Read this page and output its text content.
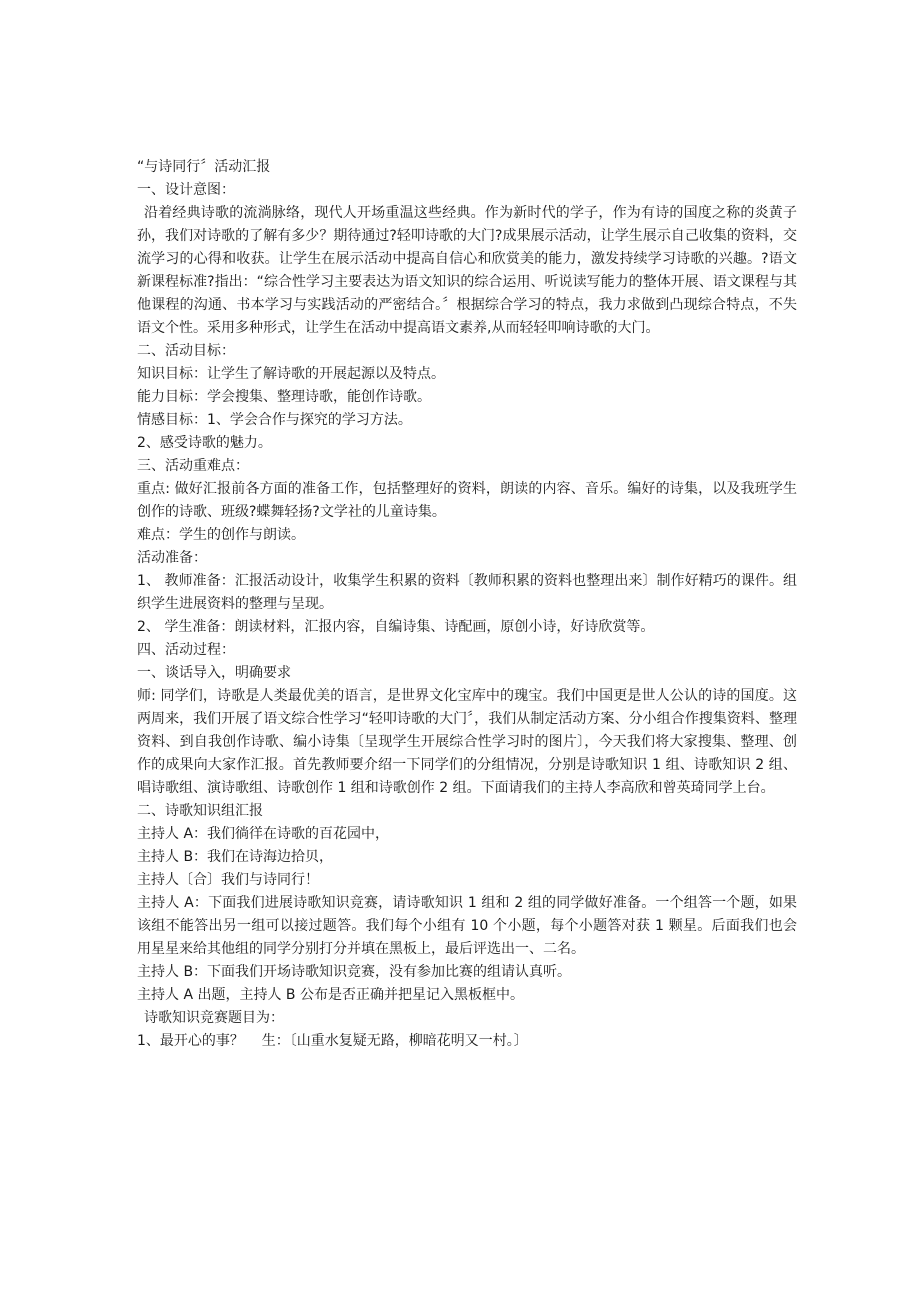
“与诗同行〞活动汇报

一、设计意图：

沿着经典诗歌的流淌脉络，现代人开场重温这些经典。作为新时代的学子，作为有诗的国度之称的炎黄子孙，我们对诗歌的了解有多少？期待通过?轻叩诗歌的大门?成果展示活动，让学生展示自己收集的资料，交流学习的心得和收获。让学生在展示活动中提高自信心和欣赏美的能力，激发持续学习诗歌的兴趣。?语文新课程标准?指出：“综合性学习主要表达为语文知识的综合运用、听说读写能力的整体开展、语文课程与其他课程的沟通、书本学习与实践活动的严密结合。〞根据综合学习的特点，我力求做到凸现综合特点，不失语文个性。采用多种形式，让学生在活动中提高语文素养,从而轻轻叩响诗歌的大门。

二、活动目标：

知识目标：让学生了解诗歌的开展起源以及特点。

能力目标：学会搜集、整理诗歌，能创作诗歌。

情感目标：1、学会合作与探究的学习方法。

2、感受诗歌的魅力。

三、活动重难点：

重点: 做好汇报前各方面的准备工作，包括整理好的资料，朗读的内容、音乐。编好的诗集，以及我班学生创作的诗歌、班级?蝶舞轻扬?文学社的儿童诗集。

难点：学生的创作与朗读。

活动准备：

1、 教师准备：汇报活动设计，收集学生积累的资料〔教师积累的资料也整理出来〕制作好精巧的课件。组织学生进展资料的整理与呈现。

2、 学生准备：朗读材料，汇报内容，自编诗集、诗配画，原创小诗，好诗欣赏等。

四、活动过程：

一、谈话导入，明确要求

师: 同学们，诗歌是人类最优美的语言，是世界文化宝库中的瑰宝。我们中国更是世人公认的诗的国度。这两周来，我们开展了语文综合性学习“轻叩诗歌的大门〞，我们从制定活动方案、分小组合作搜集资料、整理资料、到自我创作诗歌、编小诗集〔呈现学生开展综合性学习时的图片〕，今天我们将大家搜集、整理、创作的成果向大家作汇报。首先教师要介绍一下同学们的分组情况，分别是诗歌知识 1 组、诗歌知识 2 组、唱诗歌组、演诗歌组、诗歌创作 1 组和诗歌创作 2 组。下面请我们的主持人李高欣和曾英琦同学上台。

二、诗歌知识组汇报

主持人 A：我们徜徉在诗歌的百花园中，

主持人 B：我们在诗海边拾贝，

主持人〔合〕我们与诗同行！

主持人 A：下面我们进展诗歌知识竞赛，请诗歌知识 1 组和 2 组的同学做好准备。一个组答一个题，如果该组不能答出另一组可以接过题答。我们每个小组有 10 个小题，每个小题答对获 1 颗星。后面我们也会用星星来给其他组的同学分别打分并填在黑板上，最后评选出一、二名。

主持人 B：下面我们开场诗歌知识竞赛，没有参加比赛的组请认真听。

主持人 A 出题，主持人 B 公布是否正确并把星记入黑板框中。

诗歌知识竞赛题目为：

1、最开心的事？    生：〔山重水复疑无路，柳暗花明又一村。〕
